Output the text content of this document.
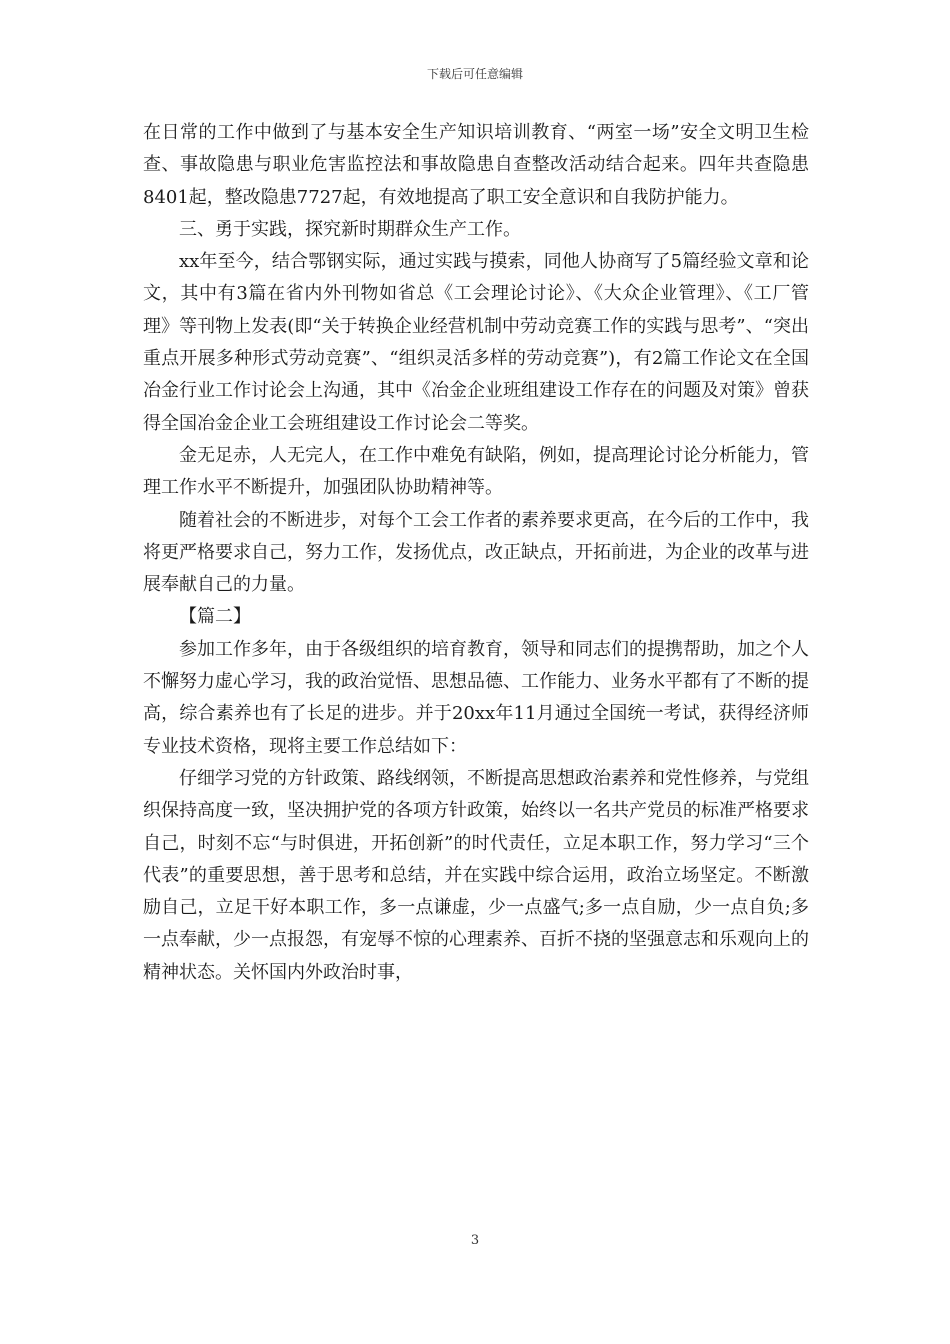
下载后可任意编辑

在日常的工作中做到了与基本安全生产知识培训教育、“两室一场”安全文明卫生检查、事故隐患与职业危害监控法和事故隐患自查整改活动结合起来。四年共查隐患8401起，整改隐患7727起，有效地提高了职工安全意识和自我防护能力。

三、勇于实践，探究新时期群众生产工作。

xx年至今，结合鄂钢实际，通过实践与摸索，同他人协商写了5篇经验文章和论文，其中有3篇在省内外刊物如省总《工会理论讨论》、《大众企业管理》、《工厂管理》等刊物上发表(即“关于转换企业经营机制中劳动竞赛工作的实践与思考”、“突出重点开展多种形式劳动竞赛”、“组织灵活多样的劳动竞赛”)，有2篇工作论文在全国冶金行业工作讨论会上沟通，其中《冶金企业班组建设工作存在的问题及对策》曾获得全国冶金企业工会班组建设工作讨论会二等奖。

金无足赤，人无完人，在工作中难免有缺陷，例如，提高理论讨论分析能力，管理工作水平不断提升，加强团队协助精神等。

随着社会的不断进步，对每个工会工作者的素养要求更高，在今后的工作中，我将更严格要求自己，努力工作，发扬优点，改正缺点，开拓前进，为企业的改革与进展奉献自己的力量。

【篇二】

参加工作多年，由于各级组织的培育教育，领导和同志们的提携帮助，加之个人不懈努力虚心学习，我的政治觉悟、思想品德、工作能力、业务水平都有了不断的提高，综合素养也有了长足的进步。并于20xx年11月通过全国统一考试，获得经济师专业技术资格，现将主要工作总结如下：

仔细学习党的方针政策、路线纲领，不断提高思想政治素养和党性修养，与党组织保持高度一致，坚决拥护党的各项方针政策，始终以一名共产党员的标准严格要求自己，时刻不忘“与时俱进，开拓创新”的时代责任，立足本职工作，努力学习“三个代表”的重要思想，善于思考和总结，并在实践中综合运用，政治立场坚定。不断激励自己，立足干好本职工作，多一点谦虚，少一点盛气;多一点自励，少一点自负;多一点奉献，少一点报怨，有宠辱不惊的心理素养、百折不挠的坚强意志和乐观向上的精神状态。关怀国内外政治时事，

3
